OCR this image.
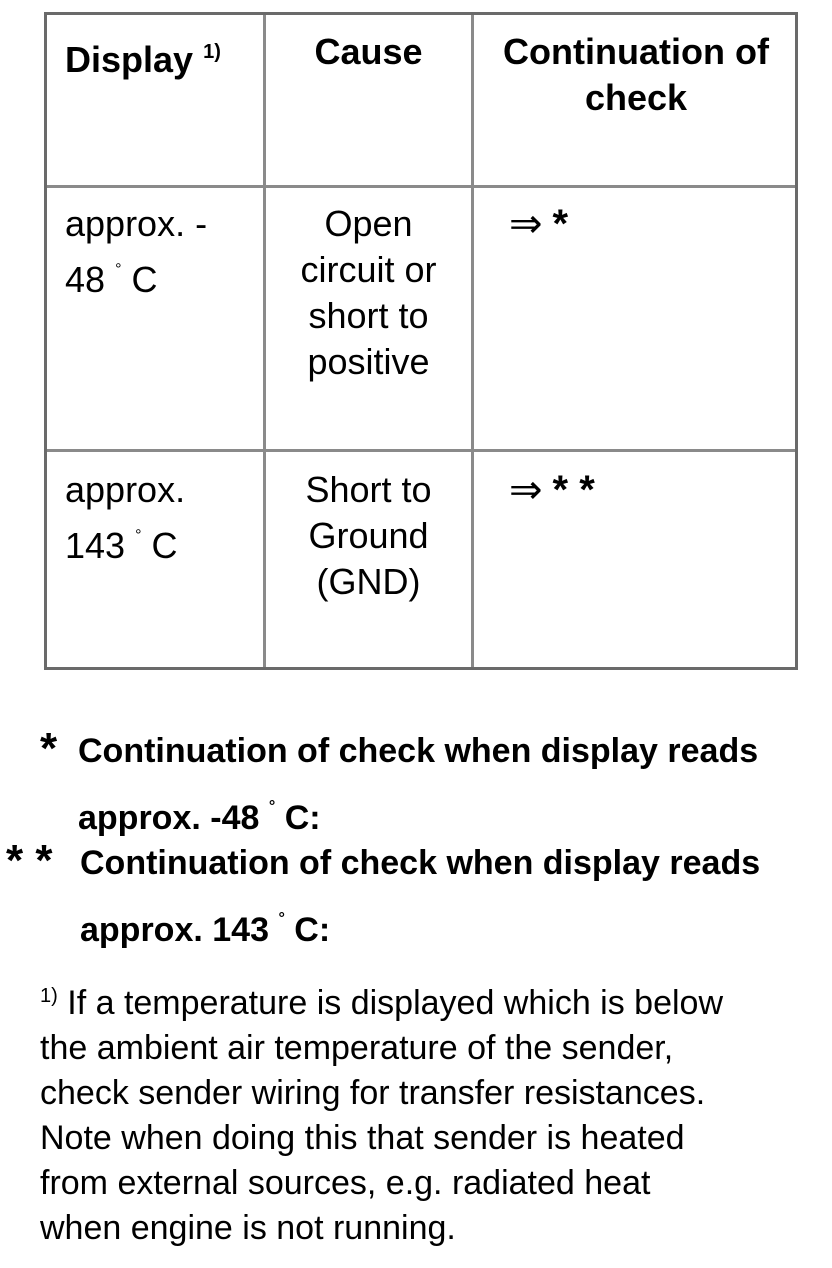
Display $^{1)}$	Cause	Continuation of check
approx. -
48 ° C
Open
circuit or
short to
positive
⇒ *
approx.
143 ° C
Short to
Ground
(GND)
⇒ * *
* Continuation of check when display reads
approx. -48 ° C:
* * Continuation of check when display reads
approx. 143 ° C:
$^{1)}$ If a temperature is displayed which is below
the ambient air temperature of the sender,
check sender wiring for transfer resistances.
Note when doing this that sender is heated
from external sources, e.g. radiated heat
when engine is not running.
